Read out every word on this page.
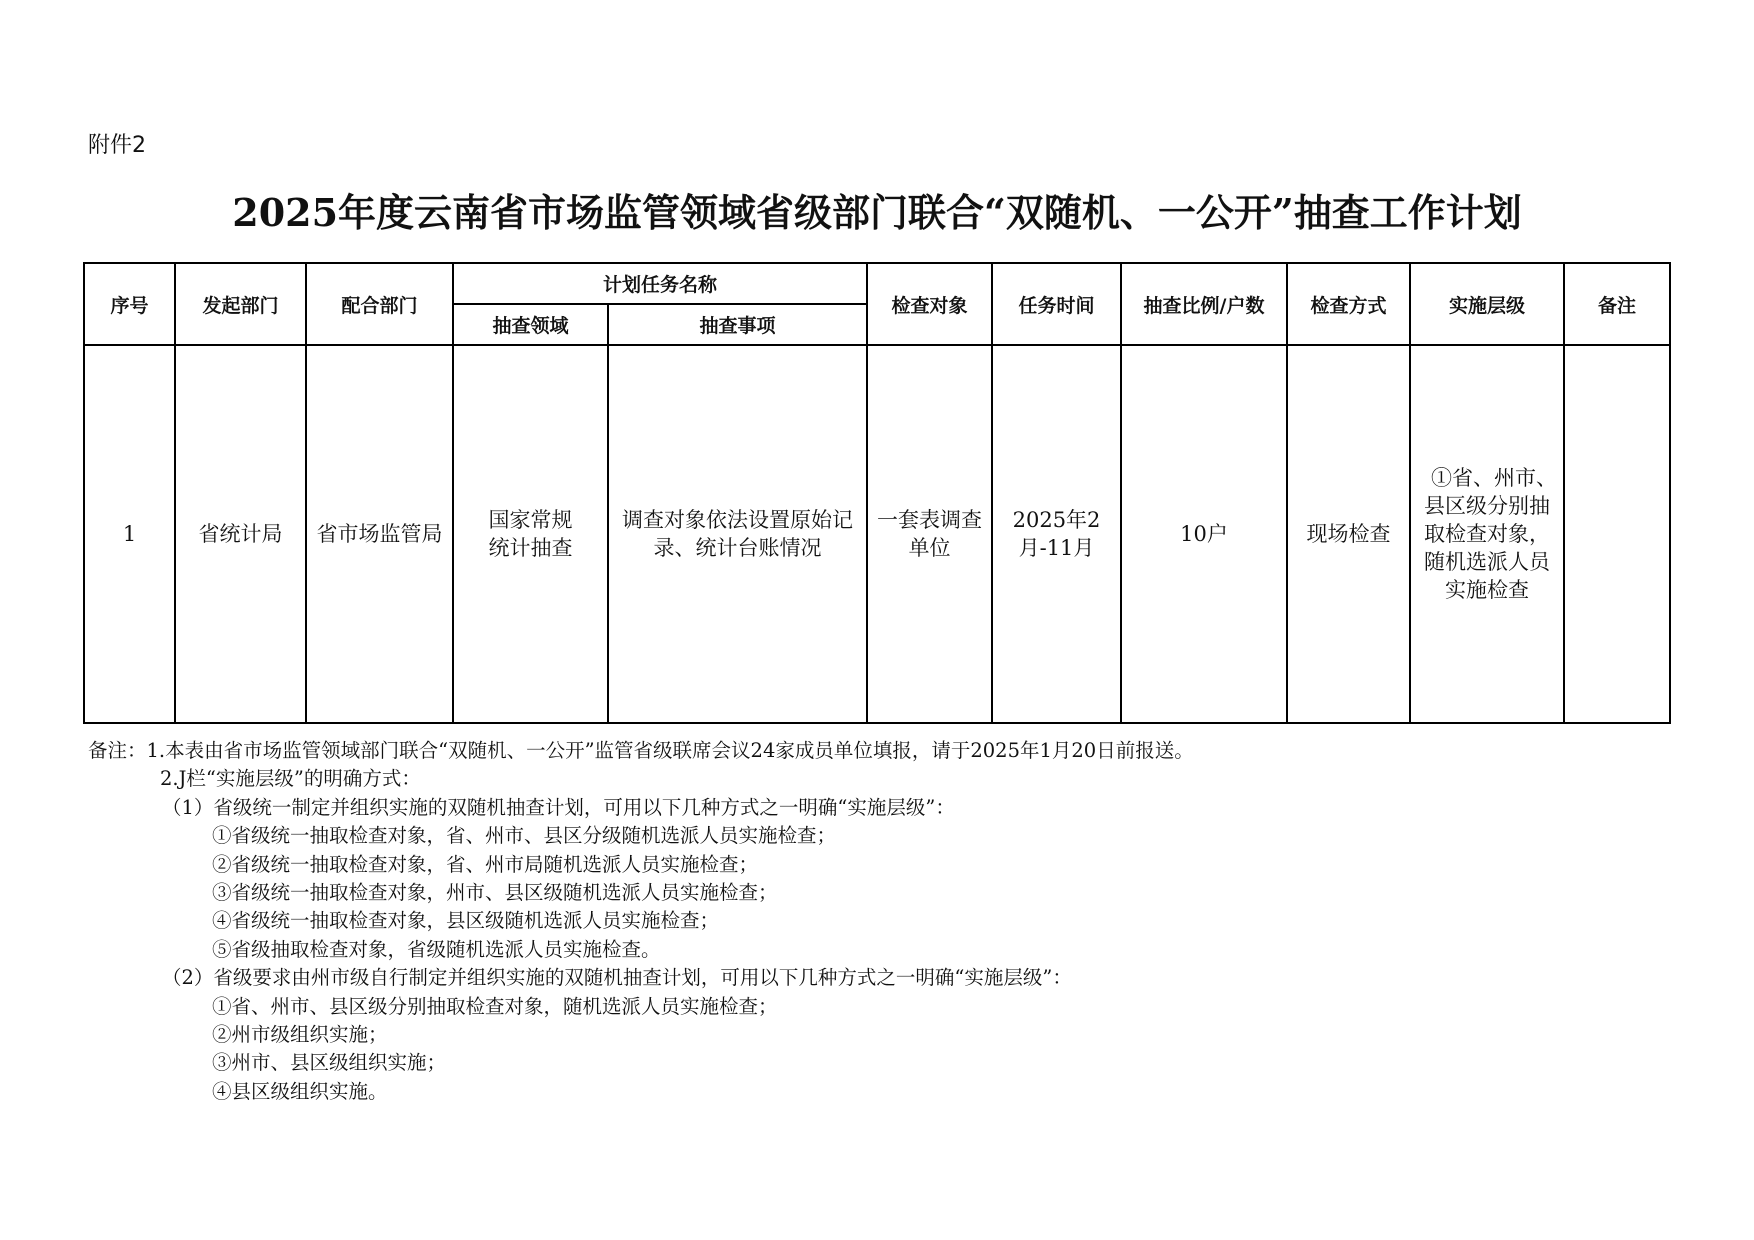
附件2
2025年度云南省市场监管领域省级部门联合“双随机、一公开”抽查工作计划
序号	发起部门	配合部门	计划任务名称		检查对象	任务时间	抽查比例/户数	检查方式	实施层级	备注
			抽查领域	抽查事项						
1	省统计局	省市场监管局	国家常规统计抽查	调查对象依法设置原始记录、统计台账情况	一套表调查单位	2025年2月-11月	10户	现场检查	①省、州市、县区级分别抽取检查对象，随机选派人员实施检查	
备注：1.本表由省市场监管领域部门联合“双随机、一公开”监管省级联席会议24家成员单位填报，请于2025年1月20日前报送。
2.J栏“实施层级”的明确方式：
（1）省级统一制定并组织实施的双随机抽查计划，可用以下几种方式之一明确“实施层级”：
①省级统一抽取检查对象，省、州市、县区分级随机选派人员实施检查；
②省级统一抽取检查对象，省、州市局随机选派人员实施检查；
③省级统一抽取检查对象，州市、县区级随机选派人员实施检查；
④省级统一抽取检查对象，县区级随机选派人员实施检查；
⑤省级抽取检查对象，省级随机选派人员实施检查。
（2）省级要求由州市级自行制定并组织实施的双随机抽查计划，可用以下几种方式之一明确“实施层级”：
①省、州市、县区级分别抽取检查对象，随机选派人员实施检查；
②州市级组织实施；
③州市、县区级组织实施；
④县区级组织实施。
